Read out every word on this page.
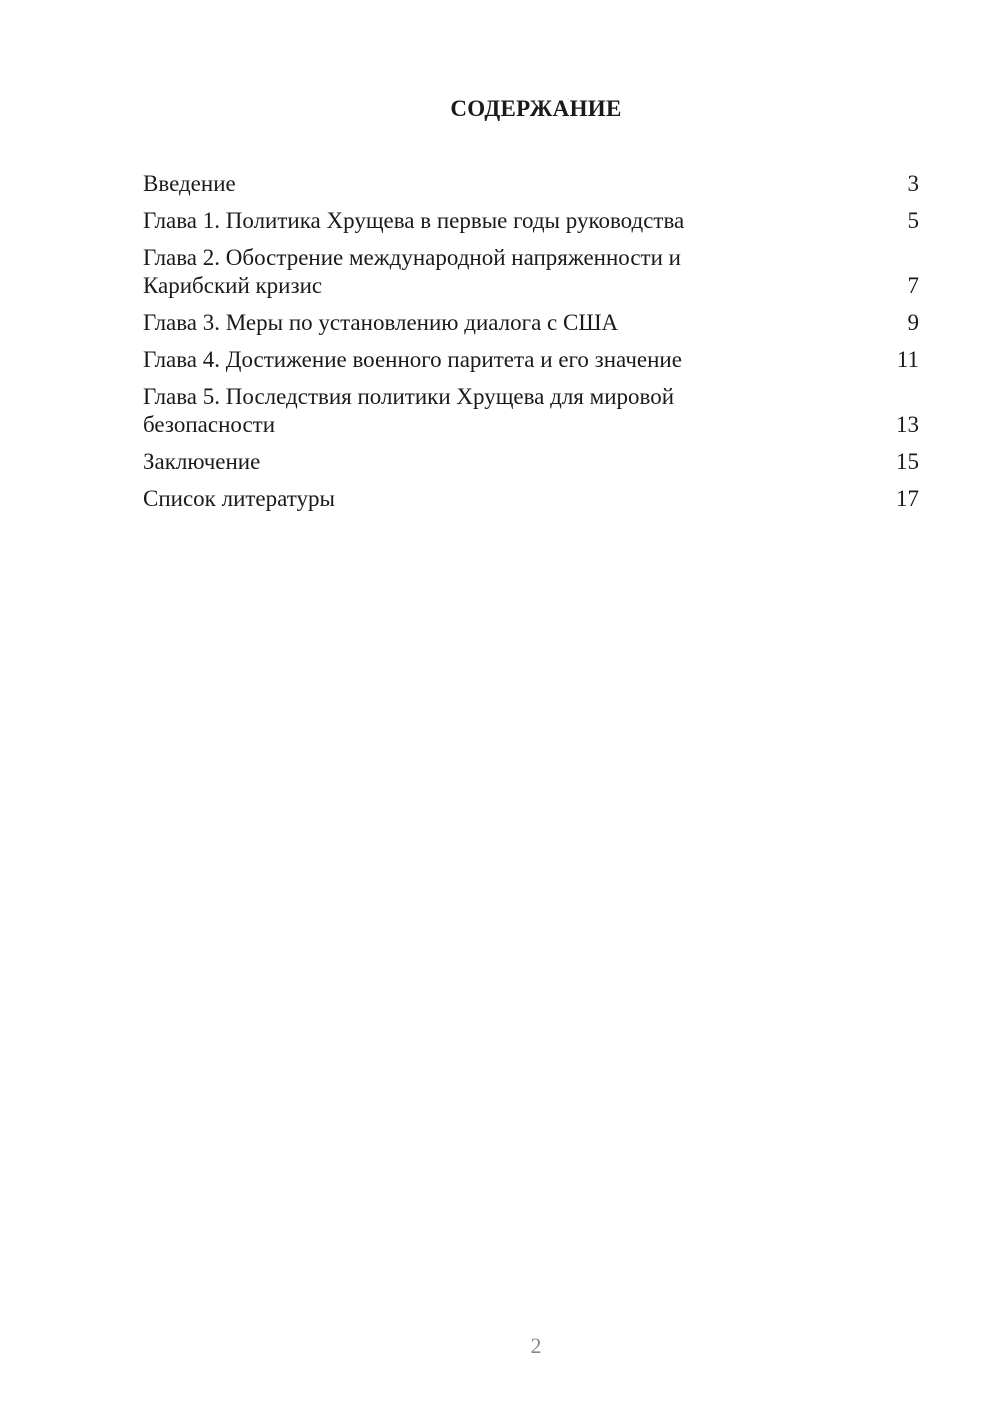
СОДЕРЖАНИЕ
Введение	3
Глава 1. Политика Хрущева в первые годы руководства	5
Глава 2. Обострение международной напряженности и Карибский кризис	7
Глава 3. Меры по установлению диалога с США	9
Глава 4. Достижение военного паритета и его значение	11
Глава 5. Последствия политики Хрущева для мировой безопасности	13
Заключение	15
Список литературы	17
2
